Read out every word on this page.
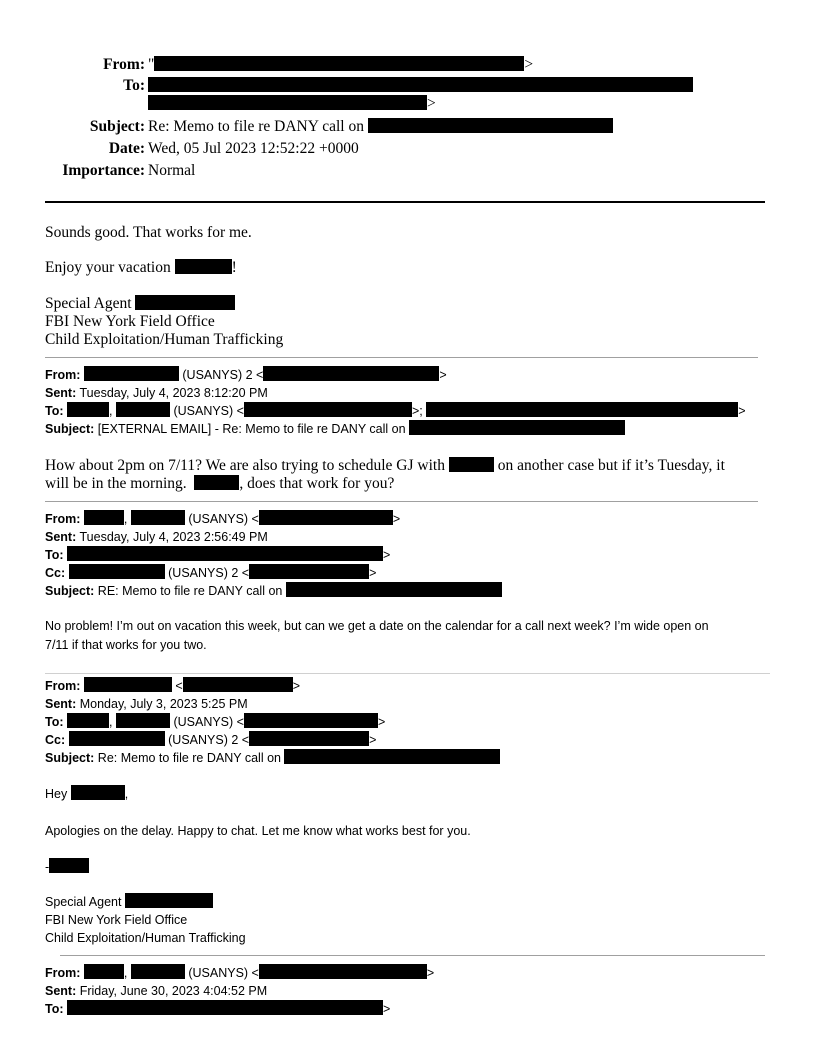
From: "	>
To:
>
Subject: Re: Memo to file re DANY call on
Date: Wed, 05 Jul 2023 12:52:22 +0000
Importance: Normal
Sounds good. That works for me.
Enjoy your vacation	!
Special Agent
FBI New York Field Office
Child Exploitation/Human Trafficking
From:	(USANYS) 2 <	>
Sent: Tuesday, July 4, 2023 8:12:20 PM
To:	,	(USANYS) <	>;	>
Subject: [EXTERNAL EMAIL] - Re: Memo to file re DANY call on
How about 2pm on 7/11? We are also trying to schedule GJ with	on another case but if it’s Tuesday, it
will be in the morning.	, does that work for you?
From:	,	(USANYS) <	>
Sent: Tuesday, July 4, 2023 2:56:49 PM
To:	>
Cc:	(USANYS) 2 <	>
Subject: RE: Memo to file re DANY call on
No problem! I’m out on vacation this week, but can we get a date on the calendar for a call next week? I’m wide open on
7/11 if that works for you two.
From:	<	>
Sent: Monday, July 3, 2023 5:25 PM
To:	,	(USANYS) <	>
Cc:	(USANYS) 2 <	>
Subject: Re: Memo to file re DANY call on
Hey	,
Apologies on the delay. Happy to chat. Let me know what works best for you.
-
Special Agent
FBI New York Field Office
Child Exploitation/Human Trafficking
From:	,	(USANYS) <	>
Sent: Friday, June 30, 2023 4:04:52 PM
To:	>
